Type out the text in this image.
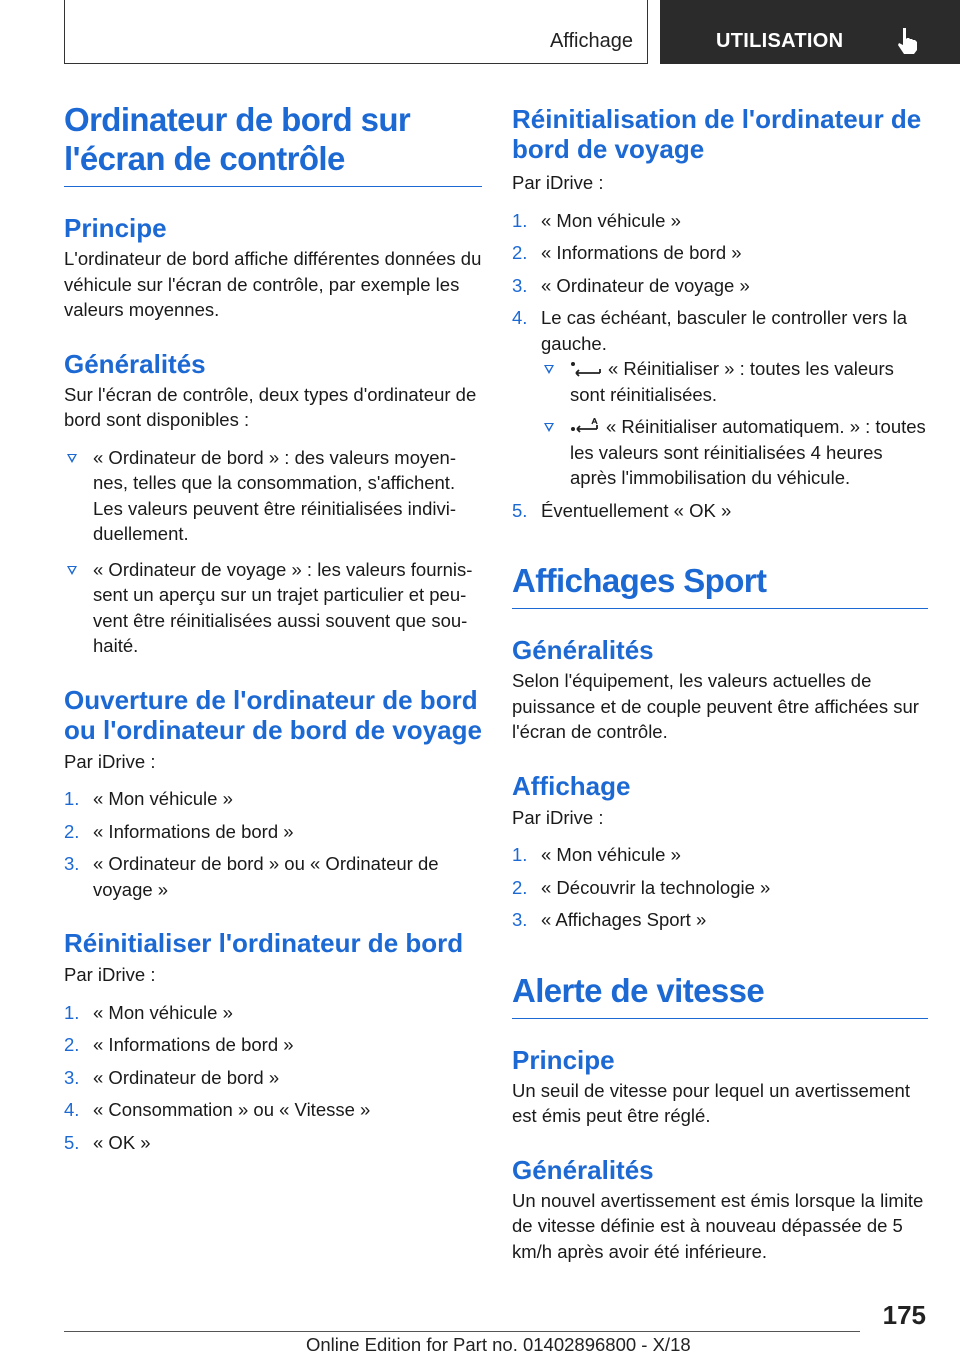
Affichage	UTILISATION
Ordinateur de bord sur l'écran de contrôle
Principe

L'ordinateur de bord affiche différentes données du véhicule sur l'écran de contrôle, par exemple les valeurs moyennes.

Généralités

Sur l'écran de contrôle, deux types d'ordinateur de bord sont disponibles :

« Ordinateur de bord » : des valeurs moyennes, telles que la consommation, s'affichent. Les valeurs peuvent être réinitialisées individuellement.
« Ordinateur de voyage » : les valeurs fournissent un aperçu sur un trajet particulier et peuvent être réinitialisées aussi souvent que souhaité.
Ouverture de l'ordinateur de bord ou l'ordinateur de bord de voyage

Par iDrive :

1. « Mon véhicule »
2. « Informations de bord »
3. « Ordinateur de bord » ou « Ordinateur de voyage »
Réinitialiser l'ordinateur de bord

Par iDrive :

1. « Mon véhicule »
2. « Informations de bord »
3. « Ordinateur de bord »
4. « Consommation » ou « Vitesse »
5. « OK »
Réinitialisation de l'ordinateur de bord de voyage

Par iDrive :

1. « Mon véhicule »
2. « Informations de bord »
3. « Ordinateur de voyage »
4. Le cas échéant, basculer le controller vers la gauche.
« Réinitialiser » : toutes les valeurs sont réinitialisées.
« Réinitialiser automatiquem. » : toutes les valeurs sont réinitialisées 4 heures après l'immobilisation du véhicule.
5. Éventuellement « OK »
Affichages Sport
Généralités

Selon l'équipement, les valeurs actuelles de puissance et de couple peuvent être affichées sur l'écran de contrôle.

Affichage

Par iDrive :

1. « Mon véhicule »
2. « Découvrir la technologie »
3. « Affichages Sport »
Alerte de vitesse
Principe

Un seuil de vitesse pour lequel un avertissement est émis peut être réglé.

Généralités

Un nouvel avertissement est émis lorsque la limite de vitesse définie est à nouveau dépassée de 5 km/h après avoir été inférieure.

175
Online Edition for Part no. 01402896800 - X/18
